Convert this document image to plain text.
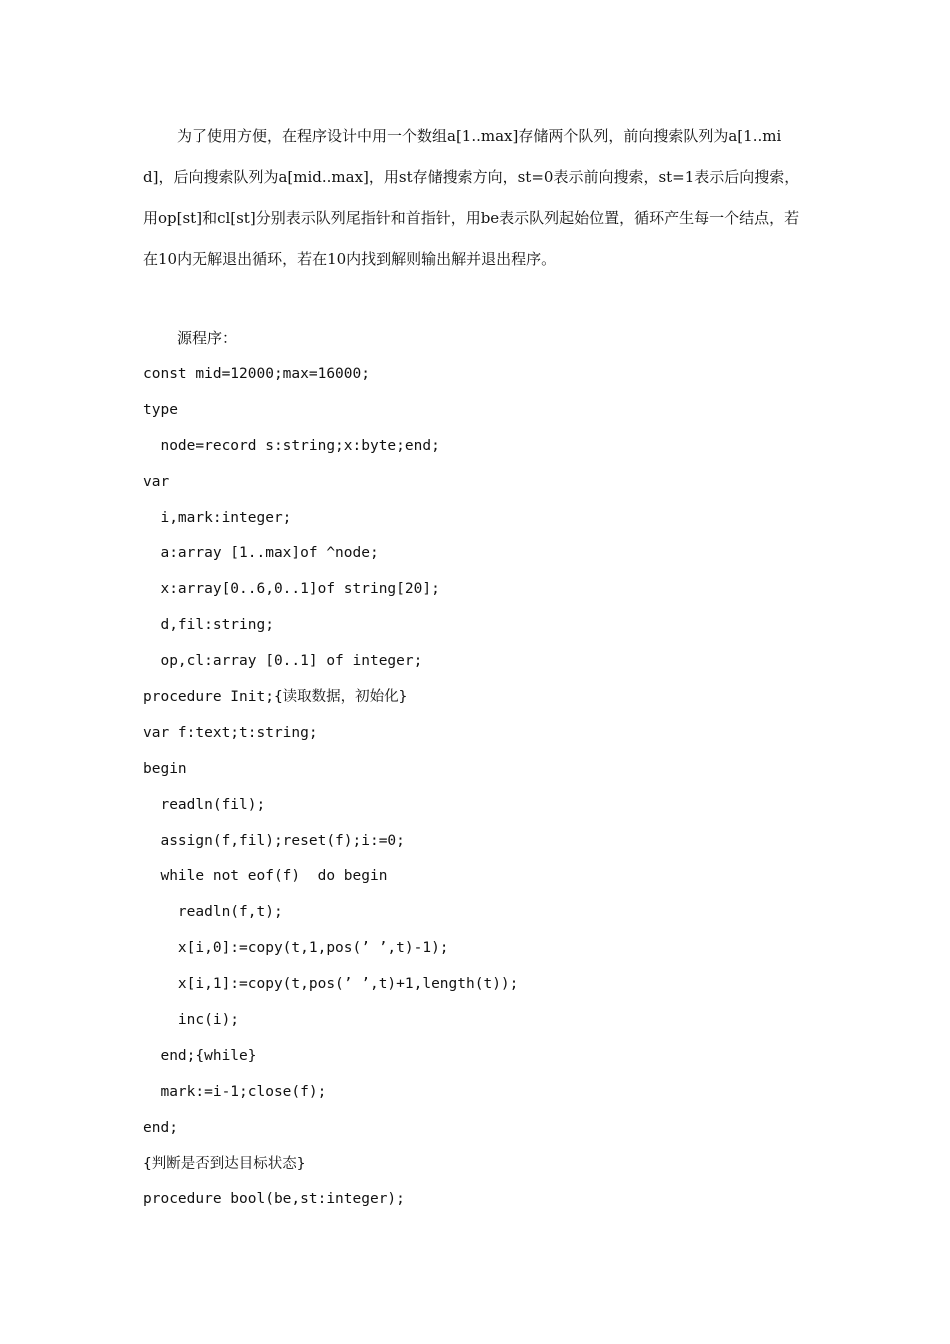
为了使用方便，在程序设计中用一个数组a[1..max]存储两个队列，前向搜索队列为a[1..mid]，后向搜索队列为a[mid..max]，用st存储搜索方向，st=0表示前向搜索，st=1表示后向搜索，用op[st]和cl[st]分别表示队列尾指针和首指针，用be表示队列起始位置，循环产生每一个结点，若在10内无解退出循环，若在10内找到解则输出解并退出程序。

源程序：

const mid=12000;max=16000;
type
node=record s:string;x:byte;end;
var
i,mark:integer;
a:array [1..max]of ^node;
x:array[0..6,0..1]of string[20];
d,fil:string;
op,cl:array [0..1] of integer;
procedure Init;{读取数据，初始化}
var f:text;t:string;
begin
readln(fil);
assign(f,fil);reset(f);i:=0;
while not eof(f)  do begin
readln(f,t);
x[i,0]:=copy(t,1,pos(’ ’,t)-1);
x[i,1]:=copy(t,pos(’ ’,t)+1,length(t));
inc(i);
end;{while}
mark:=i-1;close(f);
end;
{判断是否到达目标状态}
procedure bool(be,st:integer);
